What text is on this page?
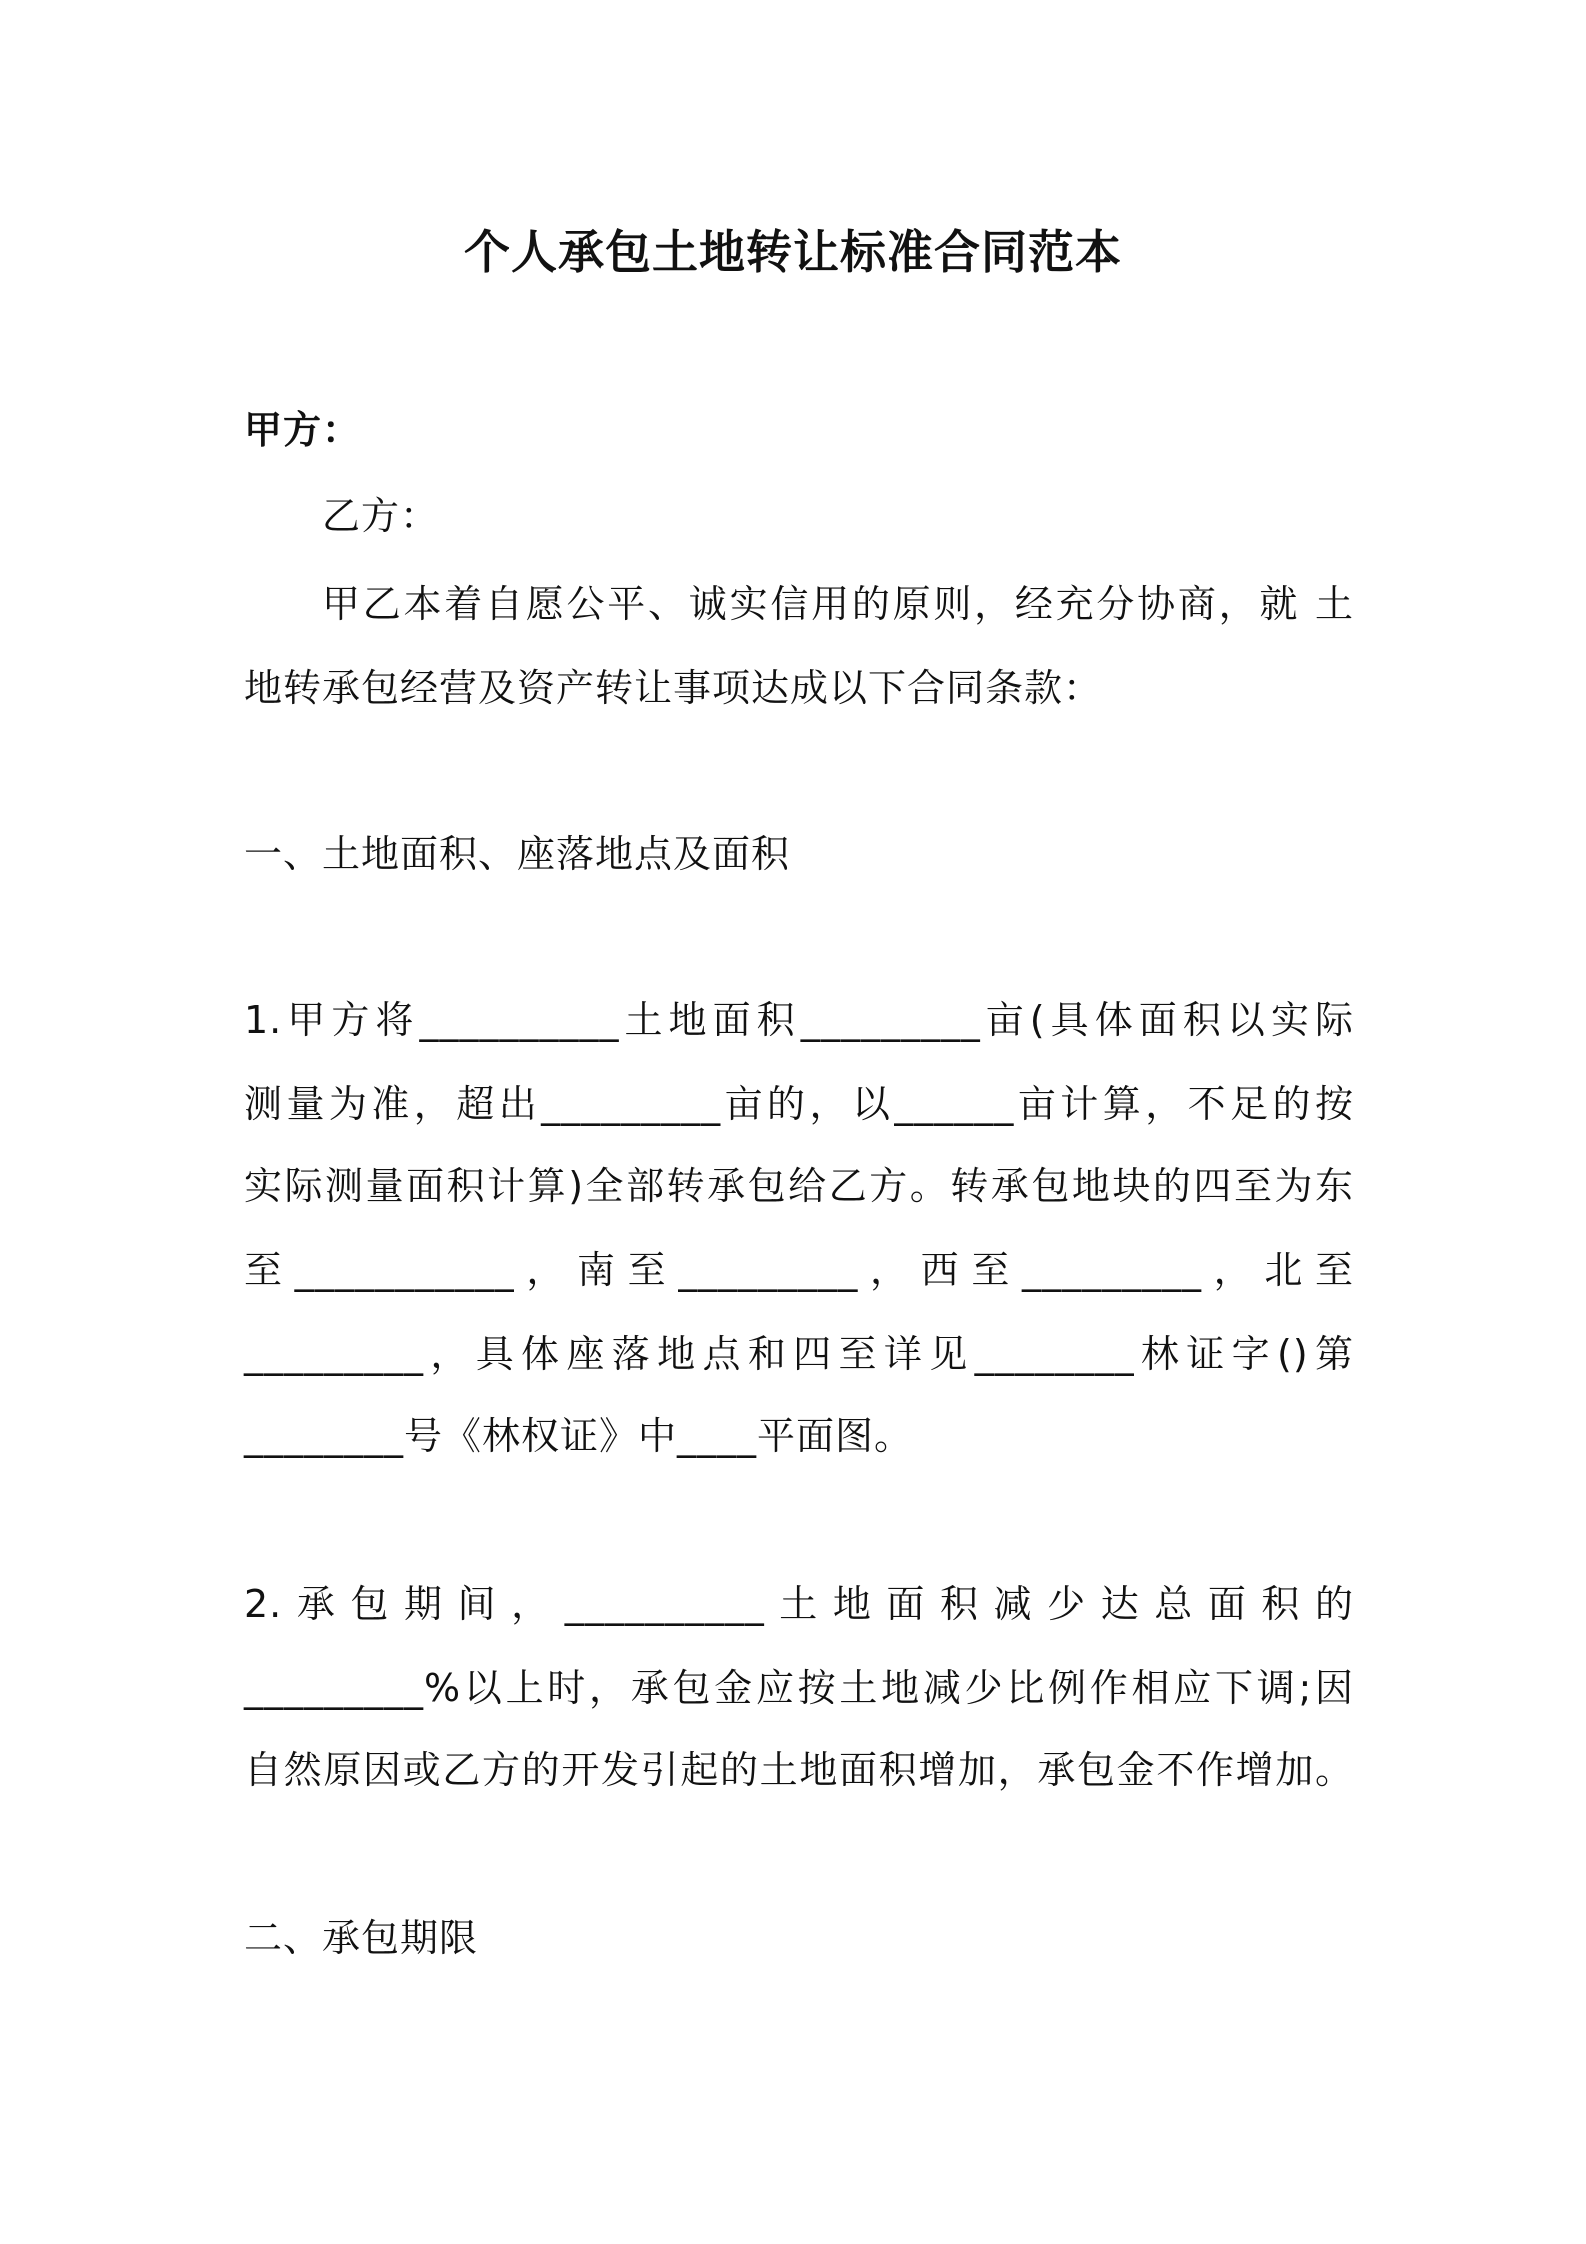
个人承包土地转让标准合同范本
甲方：
乙方：
甲乙本着自愿公平、诚实信用的原则，经充分协商，就 土
地转承包经营及资产转让事项达成以下合同条款：
一、土地面积、座落地点及面积
1.甲方将__________土地面积_________亩(具体面积以实际
测量为准，超出_________亩的，以______亩计算，不足的按
实际测量面积计算)全部转承包给乙方。转承包地块的四至为东
至___________，南至_________，西至_________，北至
_________，具体座落地点和四至详见________林证字()第
________号《林权证》中____平面图。
2.承包期间，__________土地面积减少达总面积的
_________%以上时，承包金应按土地减少比例作相应下调;因
自然原因或乙方的开发引起的土地面积增加，承包金不作增加。
二、承包期限
